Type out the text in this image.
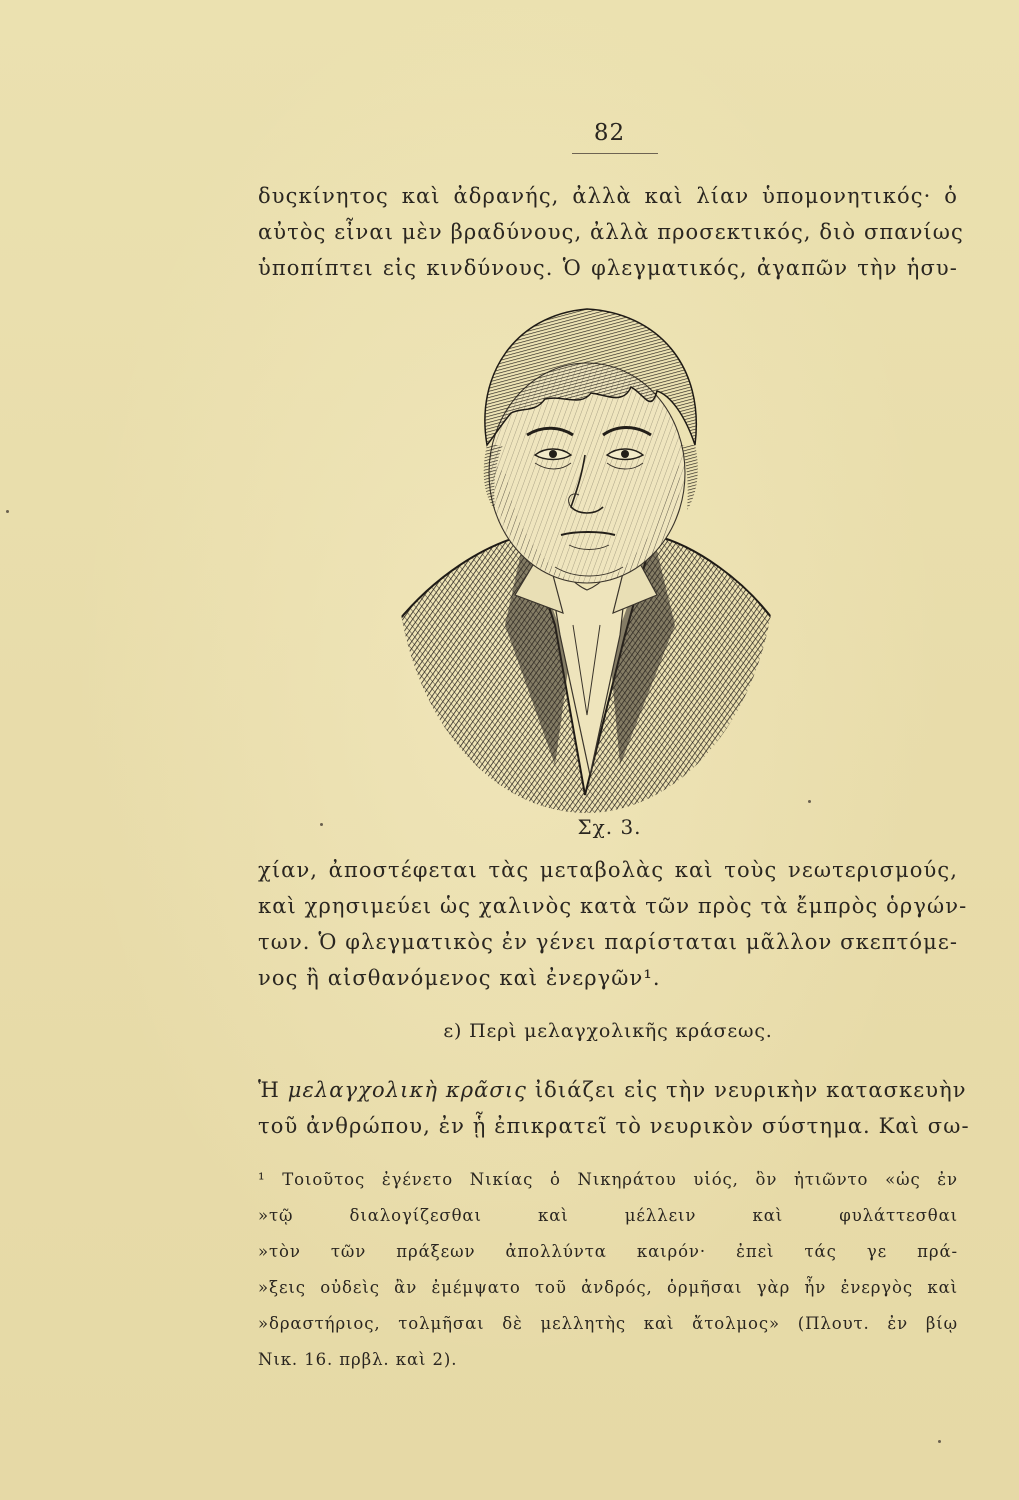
82
δυςκίνητος καὶ ἀδρανής, ἀλλὰ καὶ λίαν ὑπομονητικός· ὁ
αὐτὸς εἶναι μὲν βραδύνους, ἀλλὰ προσεκτικός, διὸ σπανίως
ὑποπίπτει εἰς κινδύνους. Ὁ φλεγματικός, ἀγαπῶν τὴν ἡσυ-
Σχ. 3.
χίαν, ἀποστέφεται τὰς μεταβολὰς καὶ τοὺς νεωτερισμούς,
καὶ χρησιμεύει ὡς χαλινὸς κατὰ τῶν πρὸς τὰ ἔμπρὸς ὁργών-
των. Ὁ φλεγματικὸς ἐν γένει παρίσταται μᾶλλον σκεπτόμε-
νος ἢ αἰσθανόμενος καὶ ἐνεργῶν¹.
ε) Περὶ μελαγχολικῆς κράσεως.
Ἡ μελαγχολικὴ κρᾶσις ἰδιάζει εἰς τὴν νευρικὴν κατασκευὴν
τοῦ ἀνθρώπου, ἐν ᾗ ἐπικρατεῖ τὸ νευρικὸν σύστημα. Καὶ σω-
¹ Τοιοῦτος ἐγένετο Νικίας ὁ Νικηράτου υἱός, ὃν ἠτιῶντο «ὡς ἐν
»τῷ διαλογίζεσθαι καὶ μέλλειν καὶ φυλάττεσθαι
»τὸν τῶν πράξεων ἀπολλύντα καιρόν· ἐπεὶ τάς γε πρά-
»ξεις οὐδεὶς ἂν ἐμέμψατο τοῦ ἀνδρός, ὁρμῆσαι γὰρ ἦν ἐνεργὸς καὶ
»δραστήριος, τολμῆσαι δὲ μελλητὴς καὶ ἄτολμος» (Πλουτ. ἐν βίῳ
Νικ. 16. πρβλ. καὶ 2).
